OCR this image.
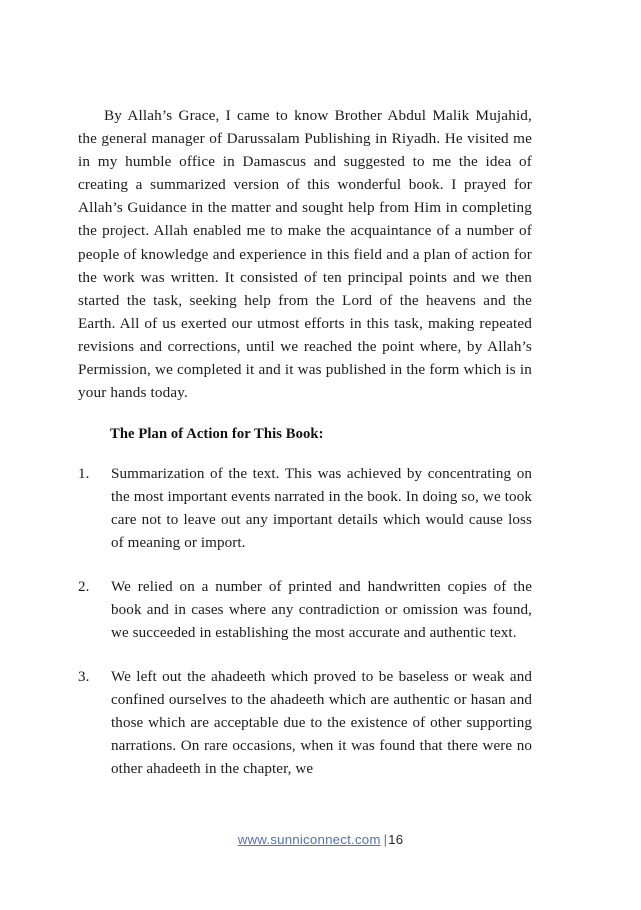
By Allah’s Grace, I came to know Brother Abdul Malik Mujahid, the general manager of Darussalam Publishing in Riyadh. He visited me in my humble office in Damascus and suggested to me the idea of creating a summarized version of this wonderful book. I prayed for Allah’s Guidance in the matter and sought help from Him in completing the project. Allah enabled me to make the acquaintance of a number of people of knowledge and experience in this field and a plan of action for the work was written. It consisted of ten principal points and we then started the task, seeking help from the Lord of the heavens and the Earth. All of us exerted our utmost efforts in this task, making repeated revisions and corrections, until we reached the point where, by Allah’s Permission, we completed it and it was published in the form which is in your hands today.

The Plan of Action for This Book:
1.	Summarization of the text. This was achieved by concentrating on the most important events narrated in the book. In doing so, we took care not to leave out any important details which would cause loss of meaning or import.
2.	We relied on a number of printed and handwritten copies of the book and in cases where any contradiction or omission was found, we succeeded in establishing the most accurate and authentic text.
3.	We left out the ahadeeth which proved to be baseless or weak and confined ourselves to the ahadeeth which are authentic or hasan and those which are acceptable due to the existence of other supporting narrations. On rare occasions, when it was found that there were no other ahadeeth in the chapter, we
www.sunniconnect.com |16
